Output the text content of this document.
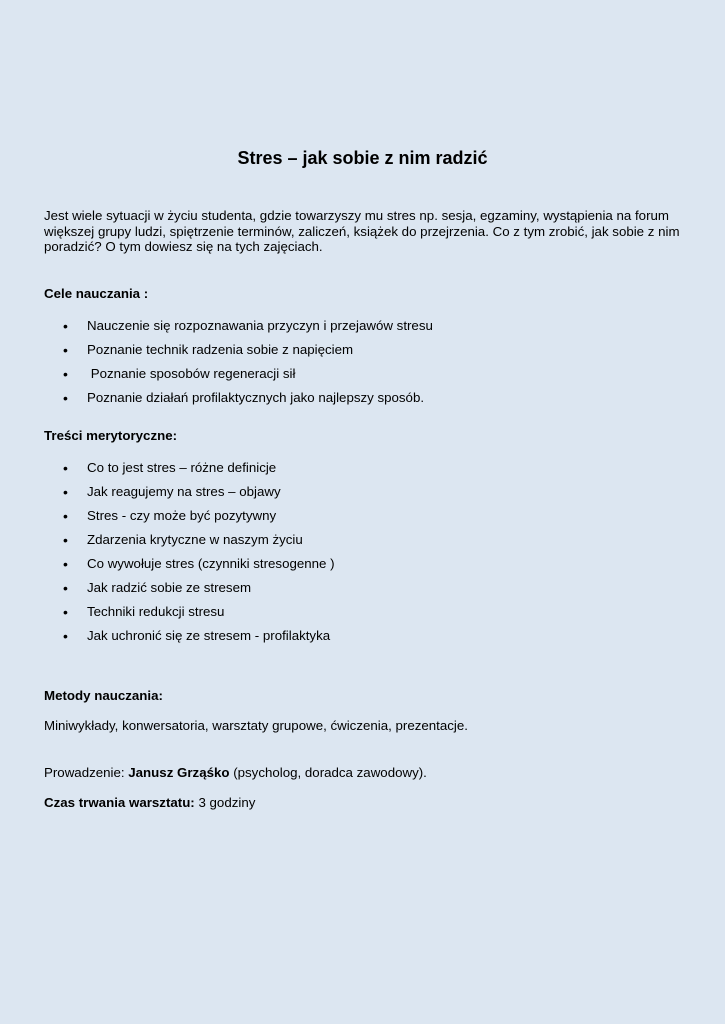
Stres – jak sobie z nim radzić

Jest wiele sytuacji w życiu studenta, gdzie towarzyszy mu stres np. sesja, egzaminy, wystąpienia na forum większej grupy ludzi, spiętrzenie terminów, zaliczeń, książek do przejrzenia. Co z tym zrobić, jak sobie z nim poradzić? O tym dowiesz się na tych zajęciach.

Cele nauczania :

• Nauczenie się rozpoznawania przyczyn i przejawów stresu
• Poznanie technik radzenia sobie z napięciem
• Poznanie sposobów regeneracji sił
• Poznanie działań profilaktycznych jako najlepszy sposób.

Treści merytoryczne:

• Co to jest stres – różne definicje
• Jak reagujemy na stres – objawy
• Stres - czy może być pozytywny
• Zdarzenia krytyczne w naszym życiu
• Co wywołuje stres (czynniki stresogenne )
• Jak radzić sobie ze stresem
• Techniki redukcji stresu
• Jak uchronić się ze stresem - profilaktyka

Metody nauczania:

Miniwykłady, konwersatoria, warsztaty grupowe, ćwiczenia, prezentacje.

Prowadzenie: Janusz Grząśko (psycholog, doradca zawodowy).

Czas trwania warsztatu: 3 godziny
